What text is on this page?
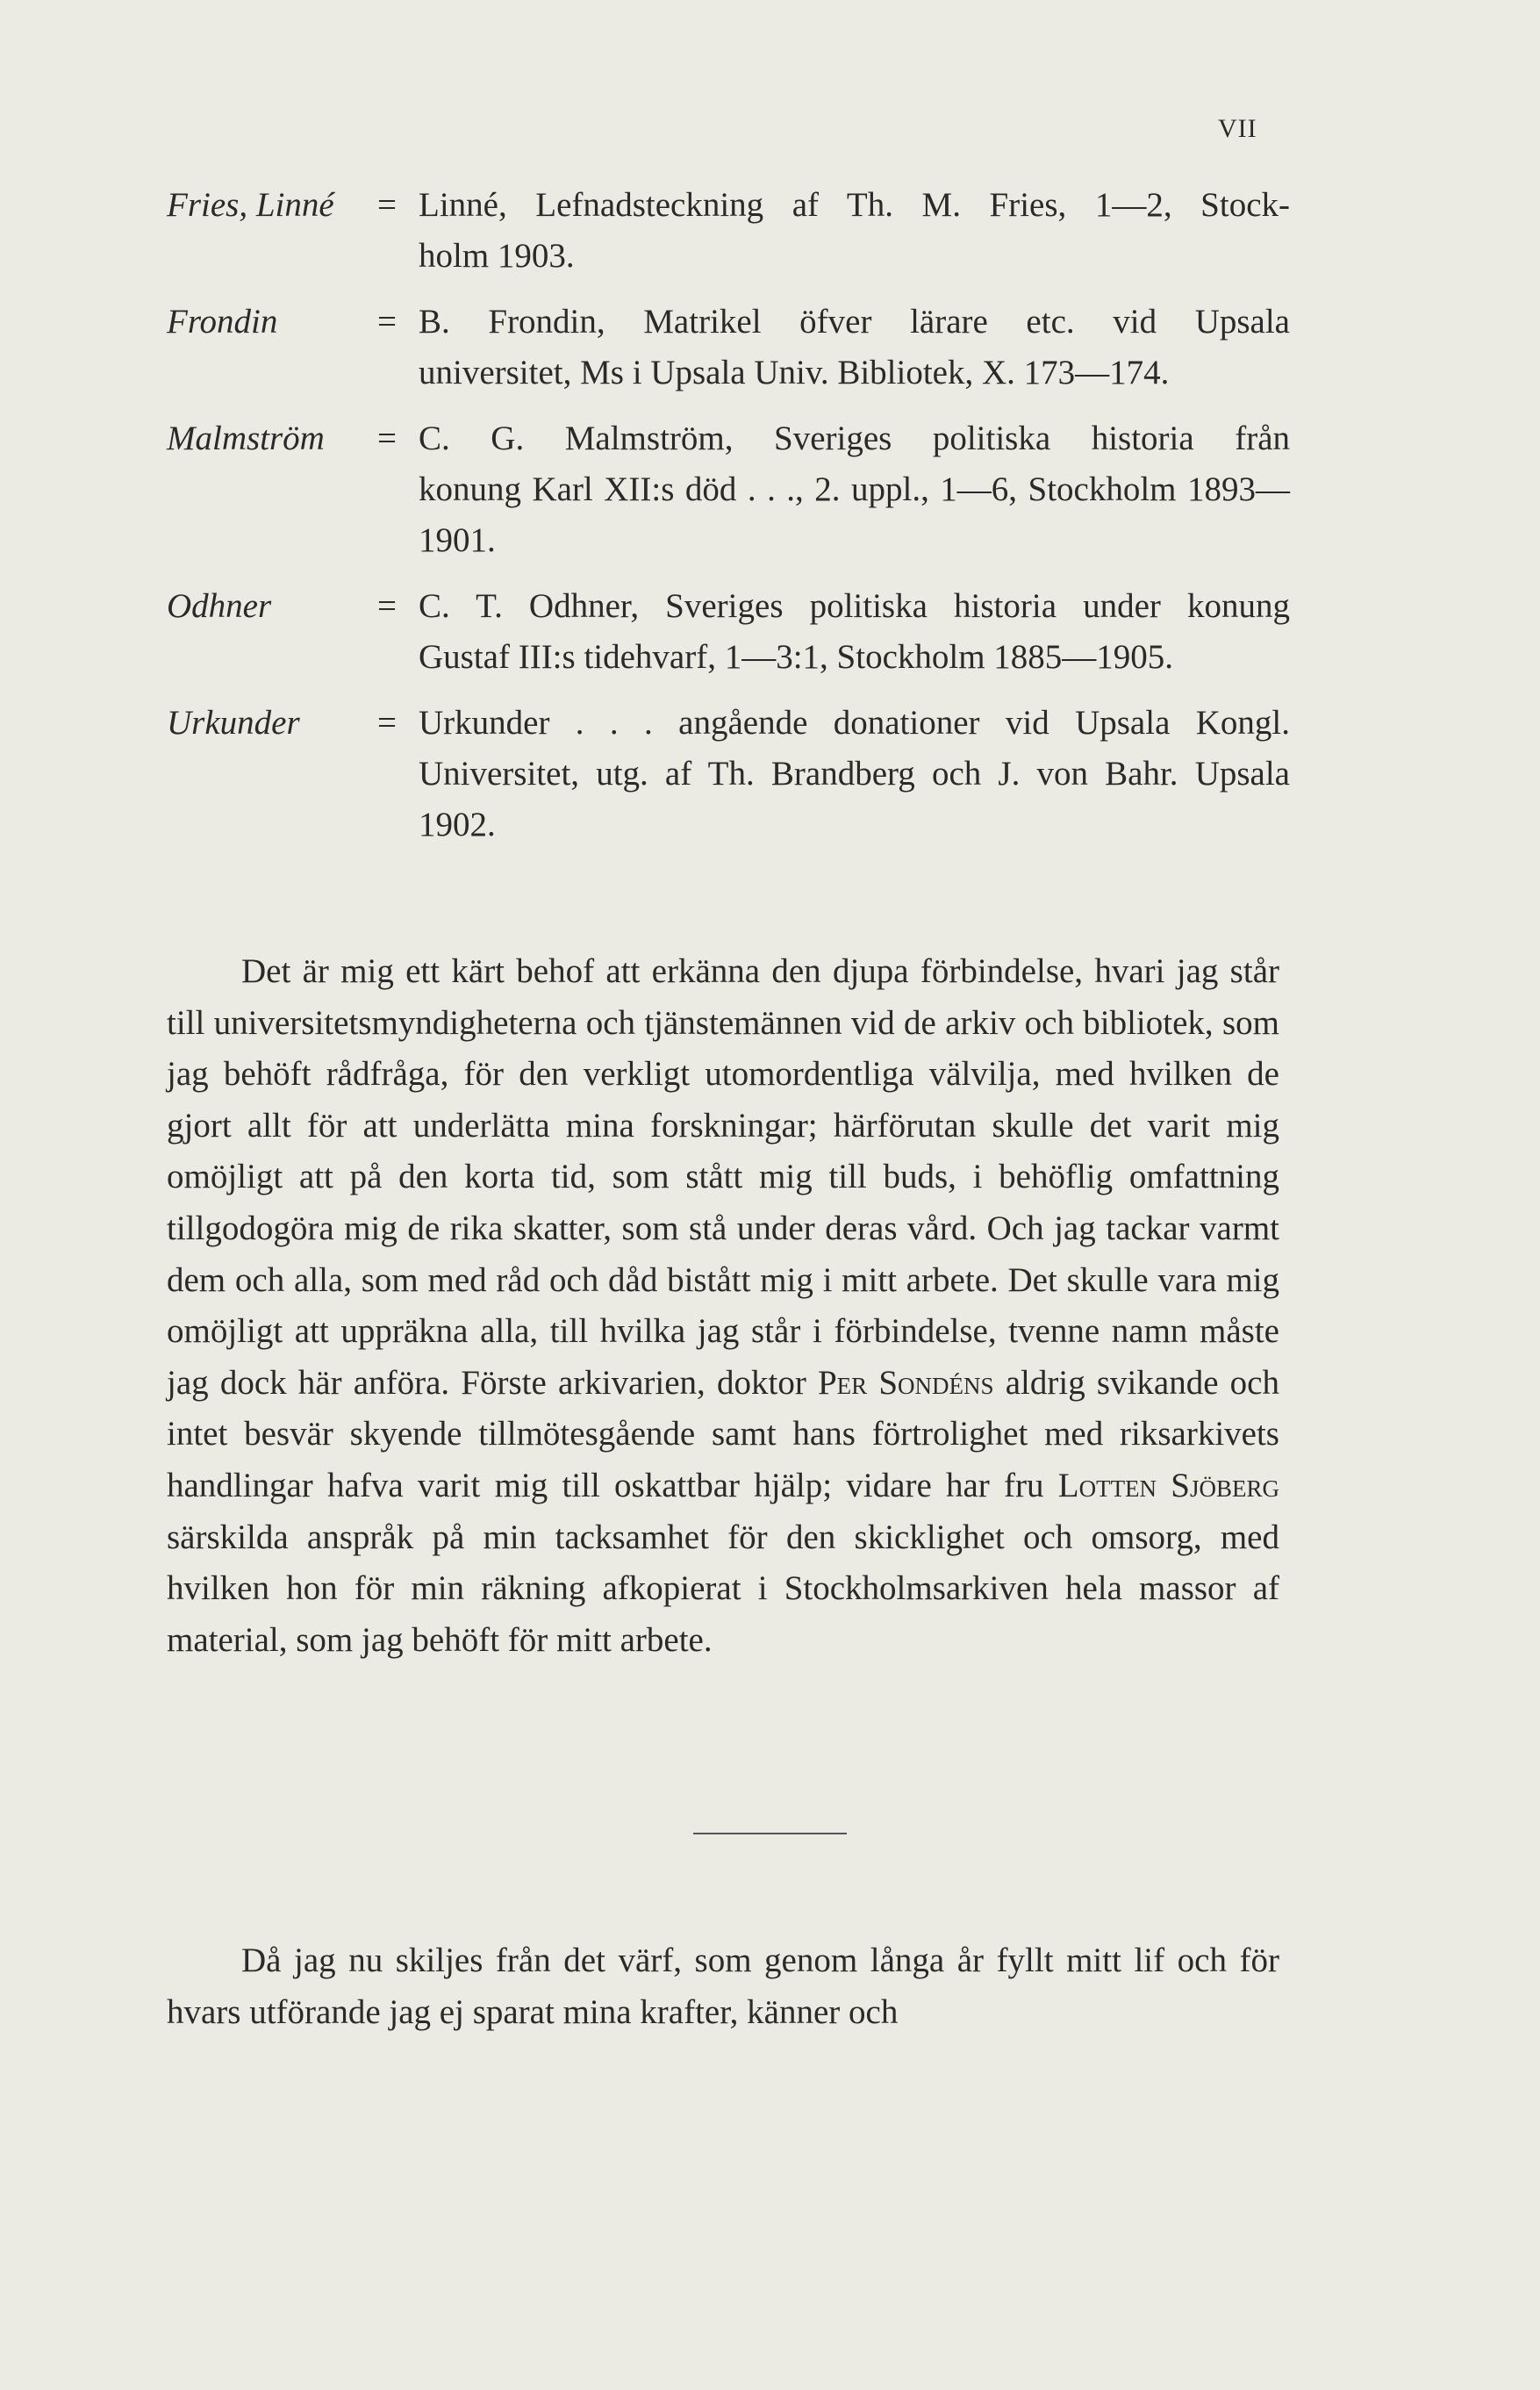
VII
Fries, Linné	= Linné, Lefnadsteckning af Th. M. Fries, 1—2, Stock-
holm 1903.
Frondin	= B. Frondin, Matrikel öfver lärare etc. vid Upsala
universitet, Ms i Upsala Univ. Bibliotek, X. 173—174.
Malmström	= C. G. Malmström, Sveriges politiska historia från
konung Karl XII:s död . . ., 2. uppl., 1—6, Stockholm 1893—1901.
Odhner	= C. T. Odhner, Sveriges politiska historia under konung
Gustaf III:s tidehvarf, 1—3:1, Stockholm 1885—1905.
Urkunder	= Urkunder . . . angående donationer vid Upsala Kongl.
Universitet, utg. af Th. Brandberg och J. von Bahr. Upsala 1902.

Det är mig ett kärt behof att erkänna den djupa förbindelse, hvari jag står till universitetsmyndigheterna och tjänstemännen vid de arkiv och bibliotek, som jag behöft rådfråga, för den verkligt utomordentliga välvilja, med hvilken de gjort allt för att underlätta mina forskningar; härförutan skulle det varit mig omöjligt att på den korta tid, som stått mig till buds, i behöflig omfattning tillgodogöra mig de rika skatter, som stå under deras vård. Och jag tackar varmt dem och alla, som med råd och dåd bistått mig i mitt arbete. Det skulle vara mig omöjligt att uppräkna alla, till hvilka jag står i förbindelse, tvenne namn måste jag dock här anföra. Förste arkivarien, doktor Per Sondéns aldrig svikande och intet besvär skyende tillmötesgående samt hans förtrolighet med riksarkivets handlingar hafva varit mig till oskattbar hjälp; vidare har fru Lotten Sjöberg särskilda anspråk på min tacksamhet för den skicklighet och omsorg, med hvilken hon för min räkning afkopierat i Stockholmsarkiven hela massor af material, som jag behöft för mitt arbete.

Då jag nu skiljes från det värf, som genom långa år fyllt mitt lif och för hvars utförande jag ej sparat mina krafter, känner och
